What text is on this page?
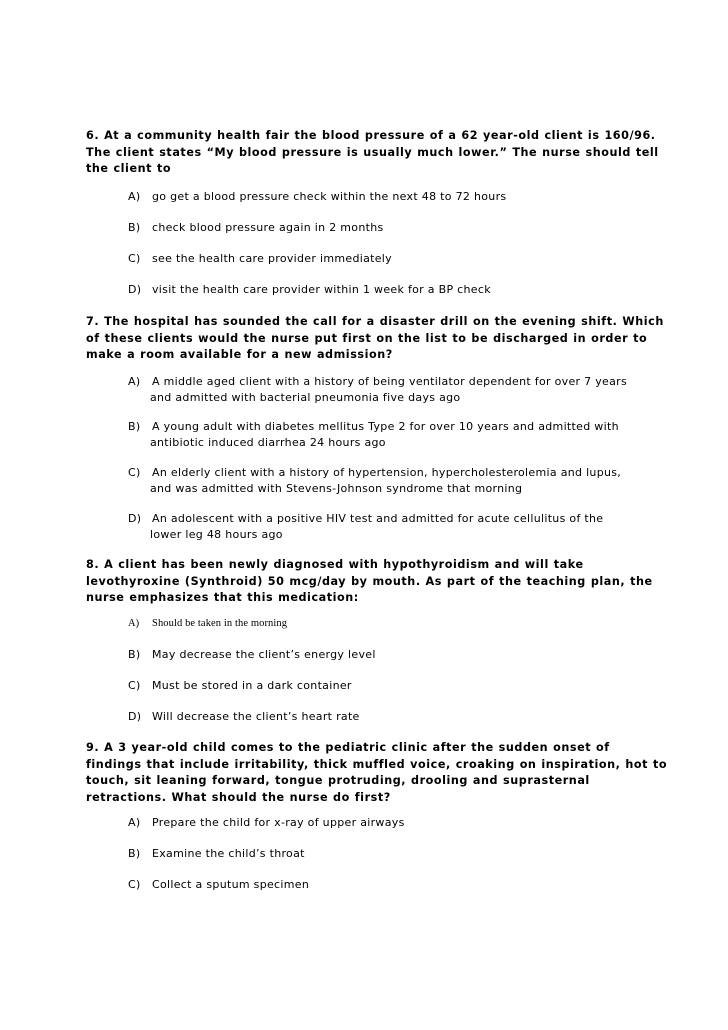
6. At a community health fair the blood pressure of a 62 year-old client is 160/96.
The client states “My blood pressure is usually much lower.” The nurse should tell
the client to
A) go get a blood pressure check within the next 48 to 72 hours
B) check blood pressure again in 2 months
C) see the health care provider immediately
D) visit the health care provider within 1 week for a BP check
7. The hospital has sounded the call for a disaster drill on the evening shift. Which
of these clients would the nurse put first on the list to be discharged in order to
make a room available for a new admission?
A) A middle aged client with a history of being ventilator dependent for over 7 years
and admitted with bacterial pneumonia five days ago
B) A young adult with diabetes mellitus Type 2 for over 10 years and admitted with
antibiotic induced diarrhea 24 hours ago
C) An elderly client with a history of hypertension, hypercholesterolemia and lupus,
and was admitted with Stevens-Johnson syndrome that morning
D) An adolescent with a positive HIV test and admitted for acute cellulitus of the
lower leg 48 hours ago
8. A client has been newly diagnosed with hypothyroidism and will take
levothyroxine (Synthroid) 50 mcg/day by mouth. As part of the teaching plan, the
nurse emphasizes that this medication:
A) Should be taken in the morning
B) May decrease the client’s energy level
C) Must be stored in a dark container
D) Will decrease the client’s heart rate
9. A 3 year-old child comes to the pediatric clinic after the sudden onset of
findings that include irritability, thick muffled voice, croaking on inspiration, hot to
touch, sit leaning forward, tongue protruding, drooling and suprasternal
retractions. What should the nurse do first?
A) Prepare the child for x-ray of upper airways
B) Examine the child’s throat
C) Collect a sputum specimen
